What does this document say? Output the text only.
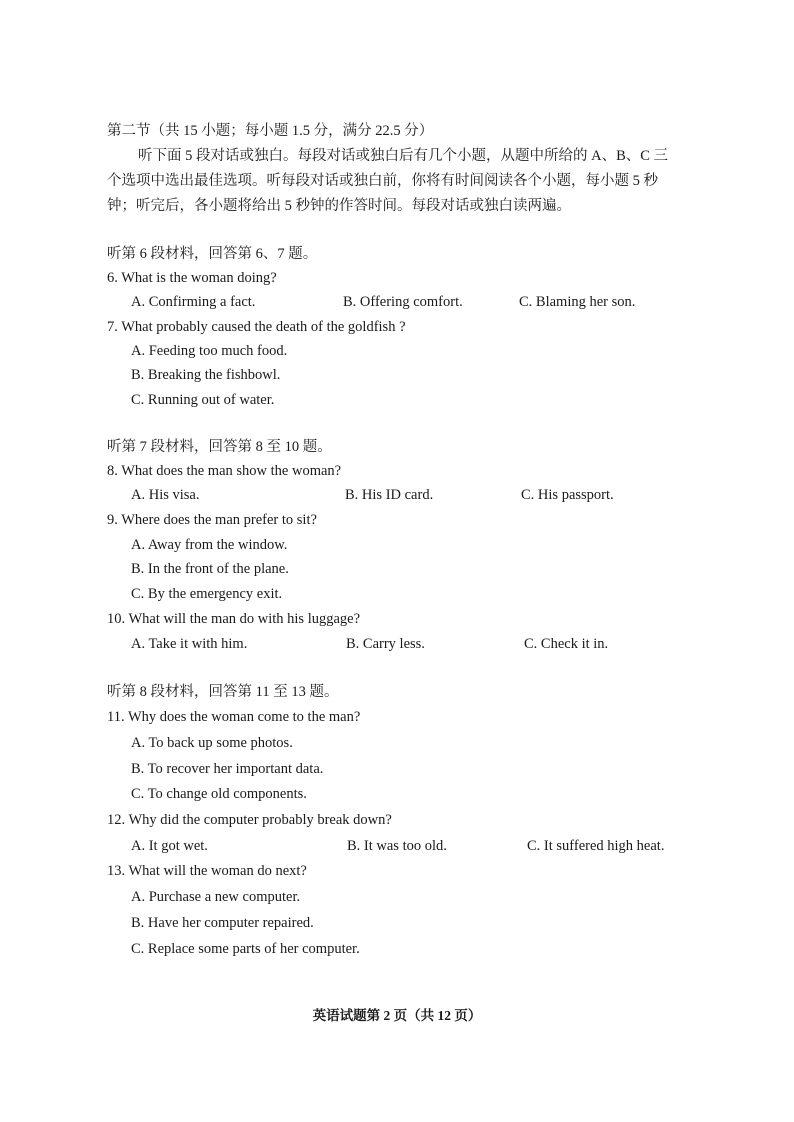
第二节（共 15 小题；每小题 1.5 分，满分 22.5 分）
听下面 5 段对话或独白。每段对话或独白后有几个小题，从题中所给的 A、B、C 三
个选项中选出最佳选项。听每段对话或独白前，你将有时间阅读各个小题，每小题 5 秒
钟；听完后，各小题将给出 5 秒钟的作答时间。每段对话或独白读两遍。
听第 6 段材料，回答第 6、7 题。
6. What is the woman doing?
A. Confirming a fact.	B. Offering comfort.	C. Blaming her son.
7. What probably caused the death of the goldfish ?
A. Feeding too much food.
B. Breaking the fishbowl.
C. Running out of water.
听第 7 段材料，回答第 8 至 10 题。
8. What does the man show the woman?
A. His visa.	B. His ID card.	C. His passport.
9. Where does the man prefer to sit?
A. Away from the window.
B. In the front of the plane.
C. By the emergency exit.
10. What will the man do with his luggage?
A. Take it with him.	B. Carry less.	C. Check it in.
听第 8 段材料，回答第 11 至 13 题。
11. Why does the woman come to the man?
A. To back up some photos.
B. To recover her important data.
C. To change old components.
12. Why did the computer probably break down?
A. It got wet.	B. It was too old.	C. It suffered high heat.
13. What will the woman do next?
A. Purchase a new computer.
B. Have her computer repaired.
C. Replace some parts of her computer.
英语试题第 2 页（共 12 页）
